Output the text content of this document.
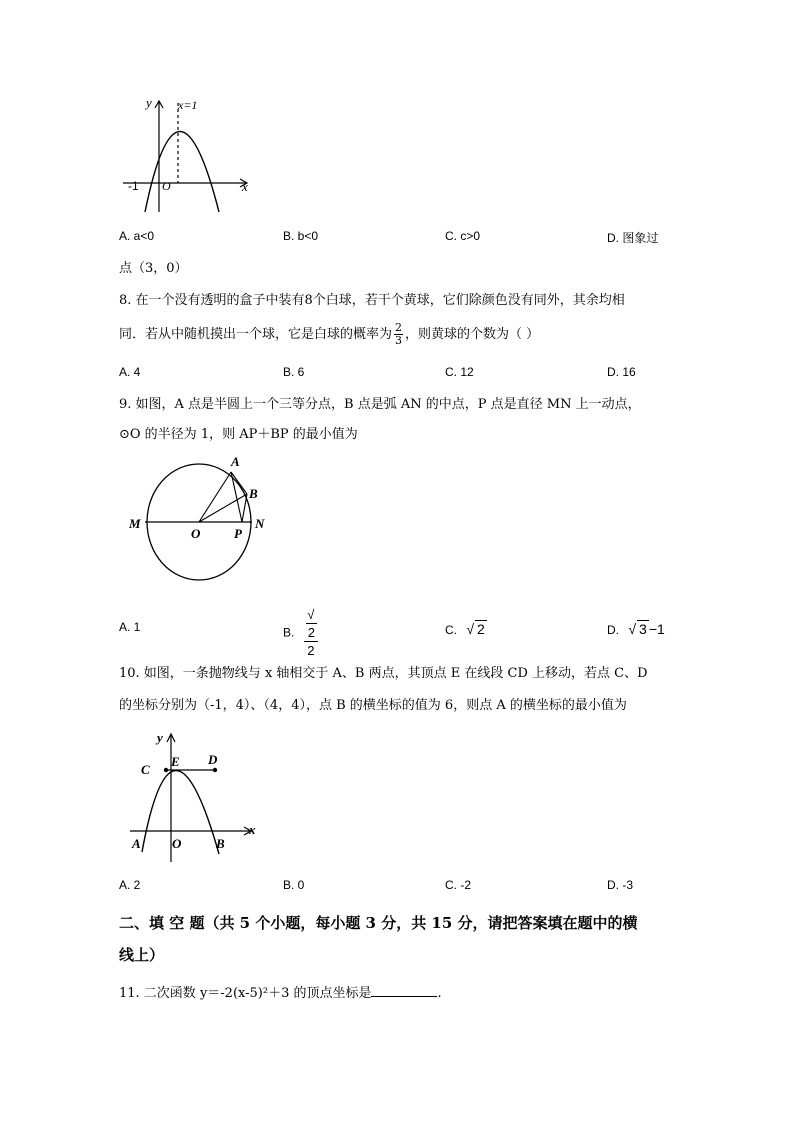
y x=1
-1 O	x
A. a<0	B. b<0	C. c>0	D. 图象过
点（3，0）
8. 在一个没有透明的盒子中装有8个白球，若干个黄球，它们除颜色没有同外，其余均相
同．若从中随机摸出一个球，它是白球的概率为 $\frac{2}{3}$ ，则黄球的个数为（ ）
A. 4	B. 6	C. 12	D. 16
9. 如图，A 点是半圆上一个三等分点，B 点是弧 AN 的中点，P 点是直径 MN 上一动点，
⊙O 的半径为 1，则 AP＋BP 的最小值为
A
B
M
O	P
N
A. 1	B. √
2
2	C. √ 2	D. √ 3 −1
10. 如图，一条抛物线与 x 轴相交于 A、B 两点，其顶点 E 在线段 CD 上移动，若点 C、D
的坐标分别为（-1，4）、（4，4），点 B 的横坐标的值为 6，则点 A 的横坐标的最小值为
y
C
E D
x
A O	B
A. 2	B. 0	C. -2	D. -3
二、填 空 题（共 5 个小题，每小题 3 分，共 15 分，请把答案填在题中的横
线上）
11. 二次函数 y＝-2(x-5)²＋3 的顶点坐标是	.
